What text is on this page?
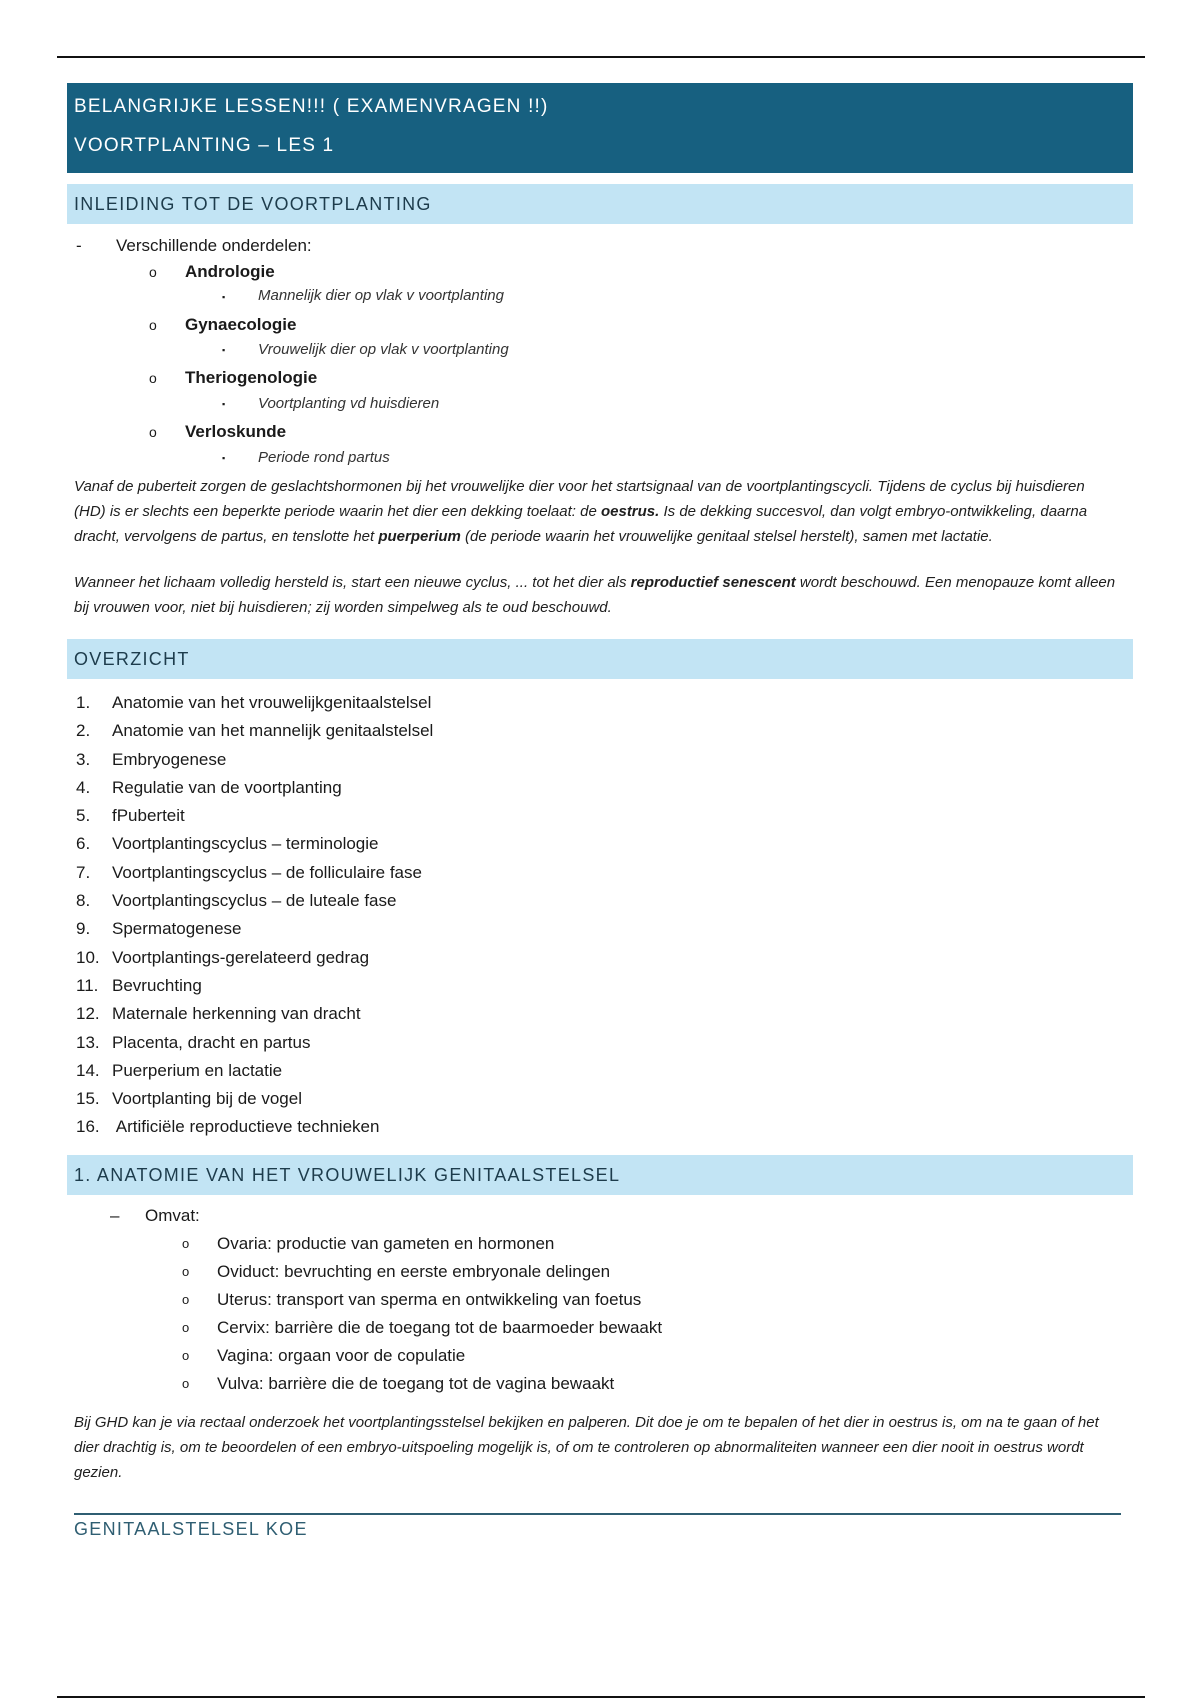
BELANGRIJKE LESSEN!!! ( EXAMENVRAGEN !!)
VOORTPLANTING – LES 1
INLEIDING TOT DE VOORTPLANTING
- Verschillende onderdelen:
o Andrologie
▪ Mannelijk dier op vlak v voortplanting
o Gynaecologie
▪ Vrouwelijk dier op vlak v voortplanting
o Theriogenologie
▪ Voortplanting vd huisdieren
o Verloskunde
▪ Periode rond partus
Vanaf de puberteit zorgen de geslachtshormonen bij het vrouwelijke dier voor het startsignaal van de voortplantingscycli. Tijdens de cyclus bij huisdieren (HD) is er slechts een beperkte periode waarin het dier een dekking toelaat: de oestrus. Is de dekking succesvol, dan volgt embryo-ontwikkeling, daarna dracht, vervolgens de partus, en tenslotte het puerperium (de periode waarin het vrouwelijke genitaal stelsel herstelt), samen met lactatie.
Wanneer het lichaam volledig hersteld is, start een nieuwe cyclus, ... tot het dier als reproductief senescent wordt beschouwd. Een menopauze komt alleen bij vrouwen voor, niet bij huisdieren; zij worden simpelweg als te oud beschouwd.
OVERZICHT
1. Anatomie van het vrouwelijkgenitaalstelsel
2. Anatomie van het mannelijk genitaalstelsel
3. Embryogenese
4. Regulatie van de voortplanting
5. fPuberteit
6. Voortplantingscyclus – terminologie
7. Voortplantingscyclus – de folliculaire fase
8. Voortplantingscyclus – de luteale fase
9. Spermatogenese
10. Voortplantings-gerelateerd gedrag
11. Bevruchting
12. Maternale herkenning van dracht
13. Placenta, dracht en partus
14. Puerperium en lactatie
15. Voortplanting bij de vogel
16. Artificiële reproductieve technieken
1. ANATOMIE VAN HET VROUWELIJK GENITAALSTELSEL
– Omvat:
o Ovaria: productie van gameten en hormonen
o Oviduct: bevruchting en eerste embryonale delingen
o Uterus: transport van sperma en ontwikkeling van foetus
o Cervix: barrière die de toegang tot de baarmoeder bewaakt
o Vagina: orgaan voor de copulatie
o Vulva: barrière die de toegang tot de vagina bewaakt
Bij GHD kan je via rectaal onderzoek het voortplantingsstelsel bekijken en palperen. Dit doe je om te bepalen of het dier in oestrus is, om na te gaan of het dier drachtig is, om te beoordelen of een embryo-uitspoeling mogelijk is, of om te controleren op abnormaliteiten wanneer een dier nooit in oestrus wordt gezien.
GENITAALSTELSEL KOE
